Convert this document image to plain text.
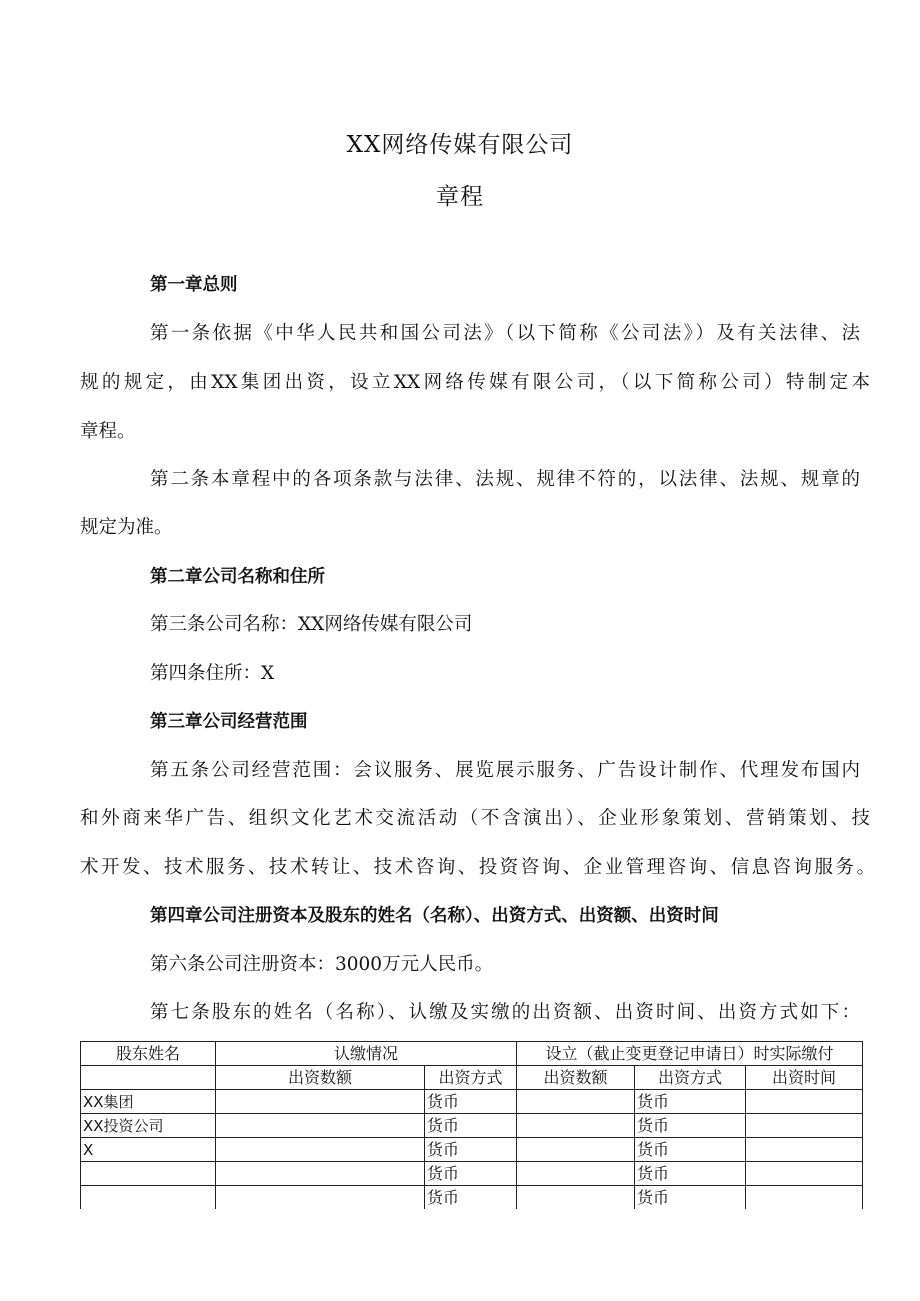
XX网络传媒有限公司
章程
第一章总则
第一条依据《中华人民共和国公司法》（以下简称《公司法》）及有关法律、法
规的规定，由XX集团出资，设立XX网络传媒有限公司，（以下简称公司）特制定本
章程。
第二条本章程中的各项条款与法律、法规、规律不符的，以法律、法规、规章的
规定为准。
第二章公司名称和住所
第三条公司名称：XX网络传媒有限公司
第四条住所：X
第三章公司经营范围
第五条公司经营范围：会议服务、展览展示服务、广告设计制作、代理发布国内
和外商来华广告、组织文化艺术交流活动（不含演出）、企业形象策划、营销策划、技
术开发、技术服务、技术转让、技术咨询、投资咨询、企业管理咨询、信息咨询服务。
第四章公司注册资本及股东的姓名（名称）、出资方式、出资额、出资时间
第六条公司注册资本：3000万元人民币。
第七条股东的姓名（名称）、认缴及实缴的出资额、出资时间、出资方式如下：
股东姓名	认缴情况		设立（截止变更登记申请日）时实际缴付		
	出资数额	出资方式	出资数额	出资方式	出资时间
XX集团		货币		货币	
XX投资公司		货币		货币	
X		货币		货币	
		货币		货币	
		货币		货币	
